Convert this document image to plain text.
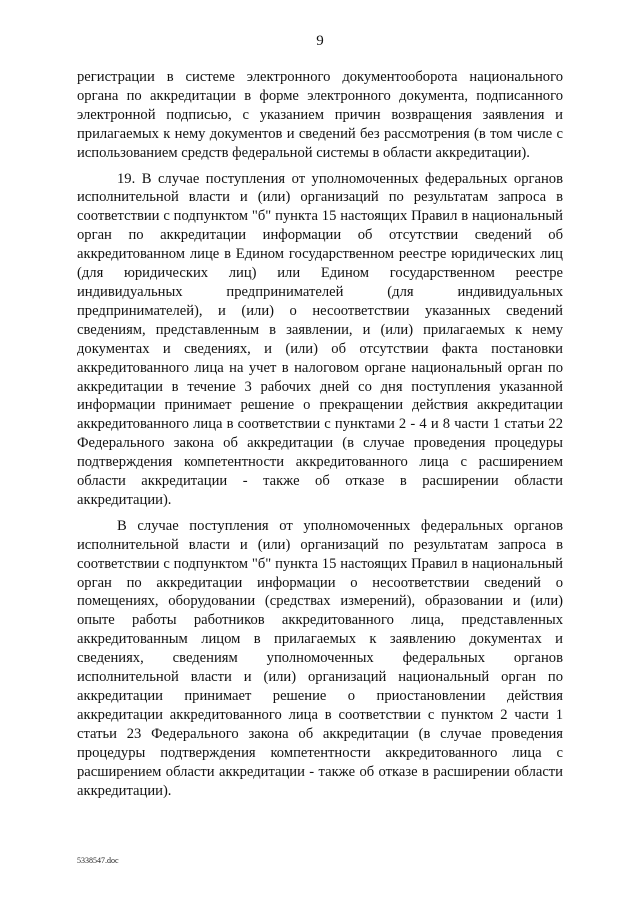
9

регистрации в системе электронного документооборота национального органа по аккредитации в форме электронного документа, подписанного электронной подписью, с указанием причин возвращения заявления и прилагаемых к нему документов и сведений без рассмотрения (в том числе с использованием средств федеральной системы в области аккредитации).

19. В случае поступления от уполномоченных федеральных органов исполнительной власти и (или) организаций по результатам запроса в соответствии с подпунктом "б" пункта 15 настоящих Правил в национальный орган по аккредитации информации об отсутствии сведений об аккредитованном лице в Едином государственном реестре юридических лиц (для юридических лиц) или Едином государственном реестре индивидуальных предпринимателей (для индивидуальных предпринимателей), и (или) о несоответствии указанных сведений сведениям, представленным в заявлении, и (или) прилагаемых к нему документах и сведениях, и (или) об отсутствии факта постановки аккредитованного лица на учет в налоговом органе национальный орган по аккредитации в течение 3 рабочих дней со дня поступления указанной информации принимает решение о прекращении действия аккредитации аккредитованного лица в соответствии с пунктами 2 - 4 и 8 части 1 статьи 22 Федерального закона об аккредитации (в случае проведения процедуры подтверждения компетентности аккредитованного лица с расширением области аккредитации - также об отказе в расширении области аккредитации).

В случае поступления от уполномоченных федеральных органов исполнительной власти и (или) организаций по результатам запроса в соответствии с подпунктом "б" пункта 15 настоящих Правил в национальный орган по аккредитации информации о несоответствии сведений о помещениях, оборудовании (средствах измерений), образовании и (или) опыте работы работников аккредитованного лица, представленных аккредитованным лицом в прилагаемых к заявлению документах и сведениях, сведениям уполномоченных федеральных органов исполнительной власти и (или) организаций национальный орган по аккредитации принимает решение о приостановлении действия аккредитации аккредитованного лица в соответствии с пунктом 2 части 1 статьи 23 Федерального закона об аккредитации (в случае проведения процедуры подтверждения компетентности аккредитованного лица с расширением области аккредитации - также об отказе в расширении области аккредитации).

5338547.doc
